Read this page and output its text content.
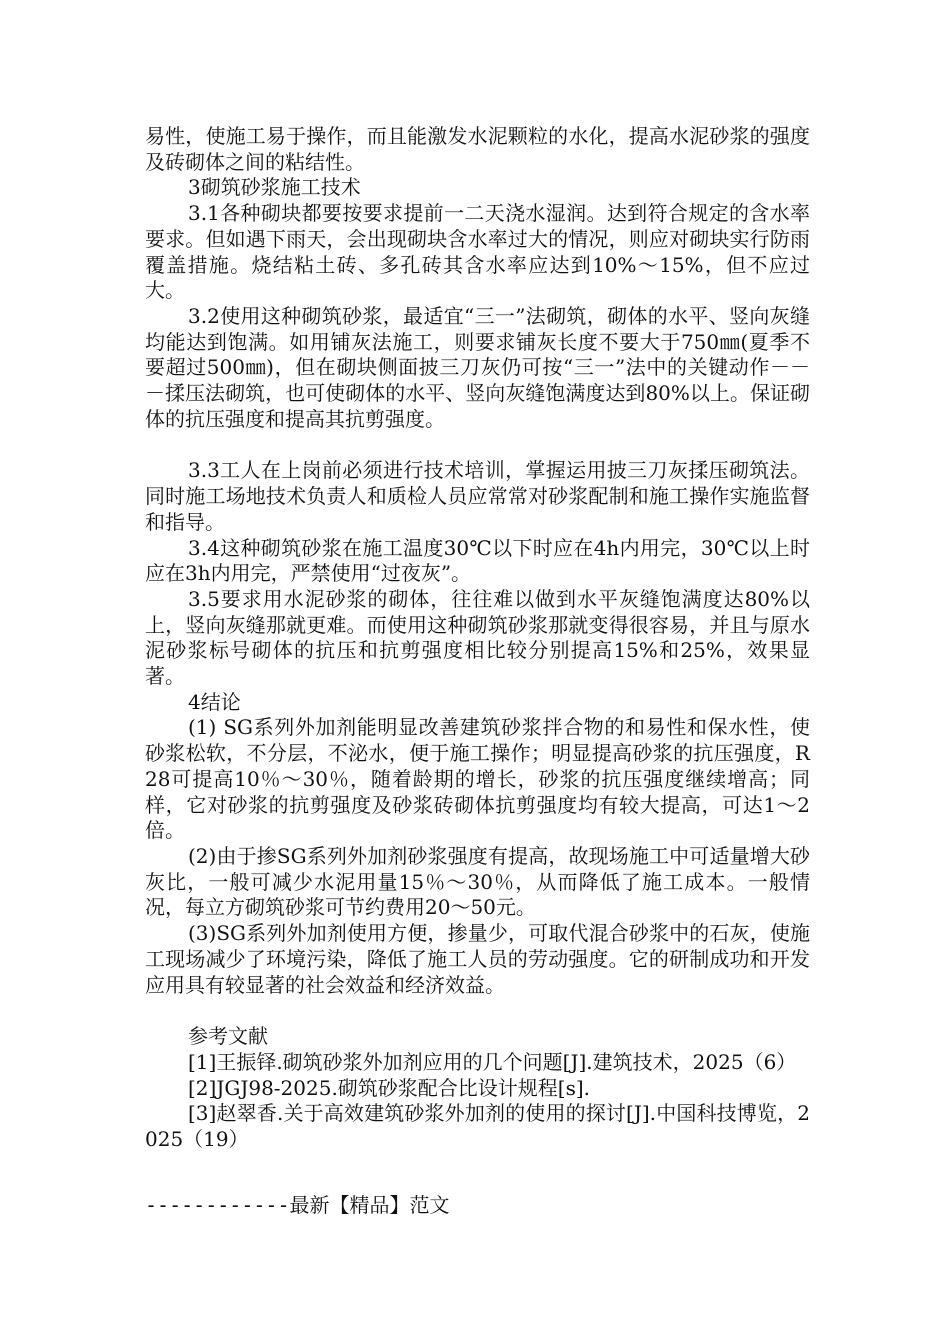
易性，使施工易于操作，而且能激发水泥颗粒的水化，提高水泥砂浆的强度及砖砌体之间的粘结性。

3砌筑砂浆施工技术

3.1各种砌块都要按要求提前一二天浇水湿润。达到符合规定的含水率要求。但如遇下雨天，会出现砌块含水率过大的情况，则应对砌块实行防雨覆盖措施。烧结粘土砖、多孔砖其含水率应达到10%～15%，但不应过大。

3.2使用这种砌筑砂浆，最适宜“三一”法砌筑，砌体的水平、竖向灰缝均能达到饱满。如用铺灰法施工，则要求铺灰长度不要大于750㎜(夏季不要超过500㎜)，但在砌块侧面披三刀灰仍可按“三一”法中的关键动作－－－揉压法砌筑，也可使砌体的水平、竖向灰缝饱满度达到80%以上。保证砌体的抗压强度和提高其抗剪强度。

3.3工人在上岗前必须进行技术培训，掌握运用披三刀灰揉压砌筑法。同时施工场地技术负责人和质检人员应常常对砂浆配制和施工操作实施监督和指导。

3.4这种砌筑砂浆在施工温度30℃以下时应在4h内用完，30℃以上时应在3h内用完，严禁使用“过夜灰”。

3.5要求用水泥砂浆的砌体，往往难以做到水平灰缝饱满度达80%以上，竖向灰缝那就更难。而使用这种砌筑砂浆那就变得很容易，并且与原水泥砂浆标号砌体的抗压和抗剪强度相比较分别提高15%和25%，效果显著。

4结论

(1) SG系列外加剂能明显改善建筑砂浆拌合物的和易性和保水性，使砂浆松软，不分层，不泌水，便于施工操作；明显提高砂浆的抗压强度，R28可提高10％～30％，随着龄期的增长，砂浆的抗压强度继续增高；同样，它对砂浆的抗剪强度及砂浆砖砌体抗剪强度均有较大提高，可达1～2倍。

(2)由于掺SG系列外加剂砂浆强度有提高，故现场施工中可适量增大砂灰比，一般可减少水泥用量15％～30％，从而降低了施工成本。一般情况，每立方砌筑砂浆可节约费用20～50元。

(3)SG系列外加剂使用方便，掺量少，可取代混合砂浆中的石灰，使施工现场减少了环境污染，降低了施工人员的劳动强度。它的研制成功和开发应用具有较显著的社会效益和经济效益。

参考文献

[1]王振铎.砌筑砂浆外加剂应用的几个问题[J].建筑技术，2025（6）

[2]JGJ98-2025.砌筑砂浆配合比设计规程[s].

[3]赵翠香.关于高效建筑砂浆外加剂的使用的探讨[J].中国科技博览，2025（19）

------------最新【精品】范文
